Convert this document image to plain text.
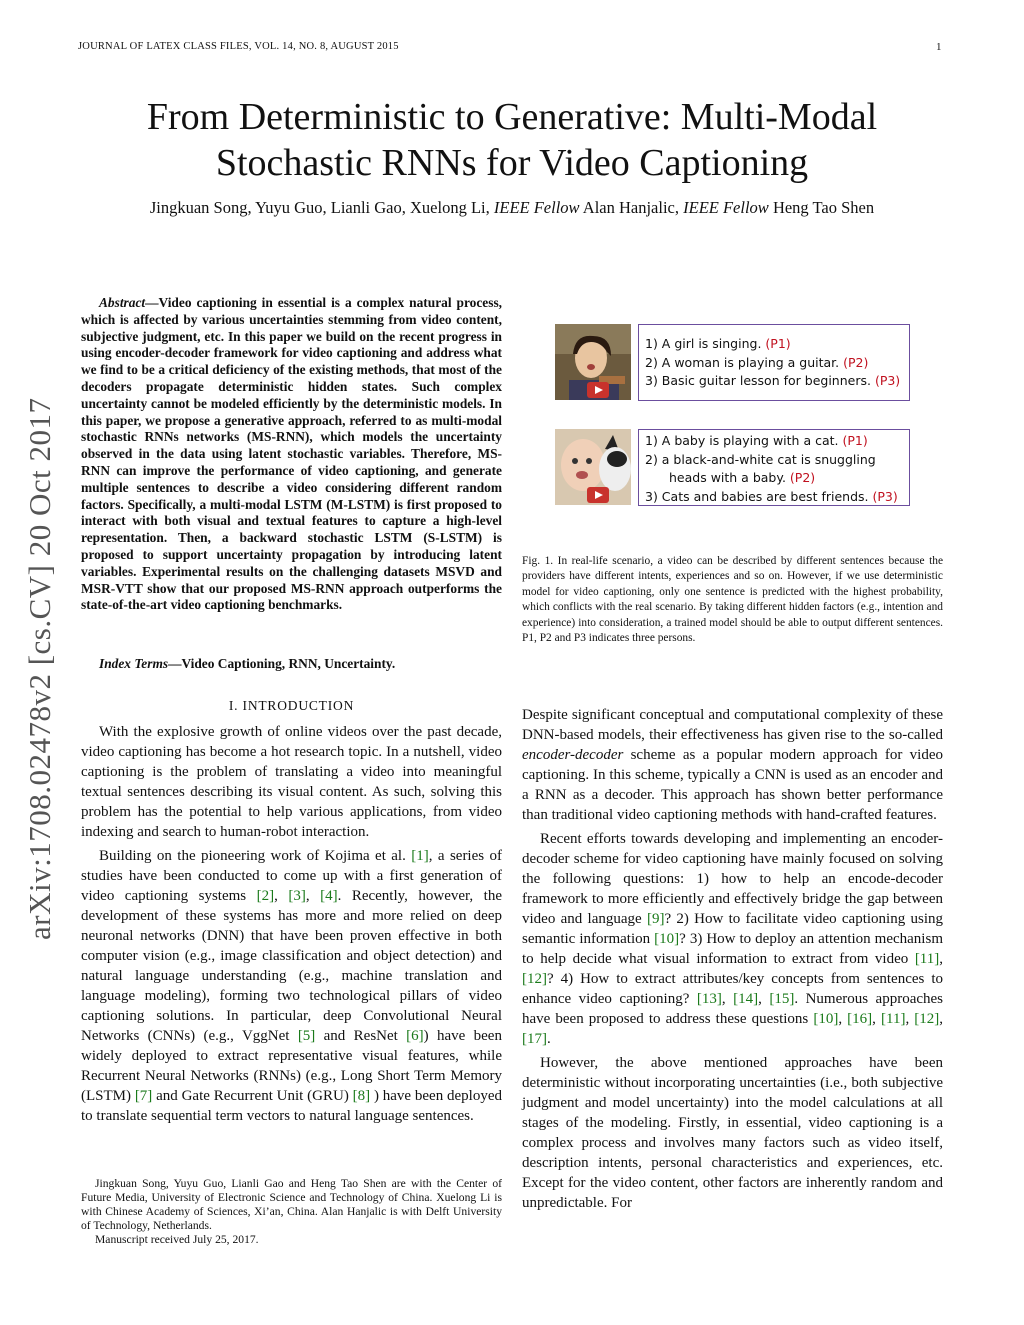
JOURNAL OF LATEX CLASS FILES, VOL. 14, NO. 8, AUGUST 2015	1
From Deterministic to Generative: Multi-Modal
Stochastic RNNs for Video Captioning
Jingkuan Song, Yuyu Guo, Lianli Gao, Xuelong Li, IEEE Fellow Alan Hanjalic, IEEE Fellow Heng Tao Shen
arXiv:1708.02478v2 [cs.CV] 20 Oct 2017
Abstract—Video captioning in essential is a complex natural process, which is affected by various uncertainties stemming from video content, subjective judgment, etc. In this paper we build on the recent progress in using encoder-decoder framework for video captioning and address what we find to be a critical deficiency of the existing methods, that most of the decoders propagate deterministic hidden states. Such complex uncertainty cannot be modeled efficiently by the deterministic models. In this paper, we propose a generative approach, referred to as multi-modal stochastic RNNs networks (MS-RNN), which models the uncertainty observed in the data using latent stochastic variables. Therefore, MS-RNN can improve the performance of video captioning, and generate multiple sentences to describe a video considering different random factors. Specifically, a multi-modal LSTM (M-LSTM) is first proposed to interact with both visual and textual features to capture a high-level representation. Then, a backward stochastic LSTM (S-LSTM) is proposed to support uncertainty propagation by introducing latent variables. Experimental results on the challenging datasets MSVD and MSR-VTT show that our proposed MS-RNN approach outperforms the state-of-the-art video captioning benchmarks.
Index Terms—Video Captioning, RNN, Uncertainty.
I. INTRODUCTION

With the explosive growth of online videos over the past decade, video captioning has become a hot research topic. In a nutshell, video captioning is the problem of translating a video into meaningful textual sentences describing its visual content. As such, solving this problem has the potential to help various applications, from video indexing and search to human-robot interaction.

Building on the pioneering work of Kojima et al. [1], a series of studies have been conducted to come up with a first generation of video captioning systems [2], [3], [4]. Recently, however, the development of these systems has more and more relied on deep neuronal networks (DNN) that have been proven effective in both computer vision (e.g., image classification and object detection) and natural language understanding (e.g., machine translation and language modeling), forming two technological pillars of video captioning solutions. In particular, deep Convolutional Neural Networks (CNNs) (e.g., VggNet [5] and ResNet [6]) have been widely deployed to extract representative visual features, while Recurrent Neural Networks (RNNs) (e.g., Long Short Term Memory (LSTM) [7] and Gate Recurrent Unit (GRU) [8] ) have been deployed to translate sequential term vectors to natural language sentences.

Jingkuan Song, Yuyu Guo, Lianli Gao and Heng Tao Shen are with the Center of Future Media, University of Electronic Science and Technology of China. Xuelong Li is with Chinese Academy of Sciences, Xi’an, China. Alan Hanjalic is with Delft University of Technology, Netherlands.
Manuscript received July 25, 2017.
1) A girl is singing. (P1)
2) A woman is playing a guitar. (P2)
3) Basic guitar lesson for beginners. (P3)
1) A baby is playing with a cat. (P1)
2) a black-and-white cat is snuggling
heads with a baby. (P2)
3) Cats and babies are best friends. (P3)
Fig. 1. In real-life scenario, a video can be described by different sentences because the providers have different intents, experiences and so on. However, if we use deterministic model for video captioning, only one sentence is predicted with the highest probability, which conflicts with the real scenario. By taking different hidden factors (e.g., intention and experience) into consideration, a trained model should be able to output different sentences. P1, P2 and P3 indicates three persons.

Despite significant conceptual and computational complexity of these DNN-based models, their effectiveness has given rise to the so-called encoder-decoder scheme as a popular modern approach for video captioning. In this scheme, typically a CNN is used as an encoder and a RNN as a decoder. This approach has shown better performance than traditional video captioning methods with hand-crafted features.

Recent efforts towards developing and implementing an encoder-decoder scheme for video captioning have mainly focused on solving the following questions: 1) how to help an encode-decoder framework to more efficiently and effectively bridge the gap between video and language [9]? 2) How to facilitate video captioning using semantic information [10]? 3) How to deploy an attention mechanism to help decide what visual information to extract from video [11], [12]? 4) How to extract attributes/key concepts from sentences to enhance video captioning? [13], [14], [15]. Numerous approaches have been proposed to address these questions [10], [16], [11], [12], [17].

However, the above mentioned approaches have been deterministic without incorporating uncertainties (i.e., both subjective judgment and model uncertainty) into the model calculations at all stages of the modeling. Firstly, in essential, video captioning is a complex process and involves many factors such as video itself, description intents, personal characteristics and experiences, etc. Except for the video content, other factors are inherently random and unpredictable. For
